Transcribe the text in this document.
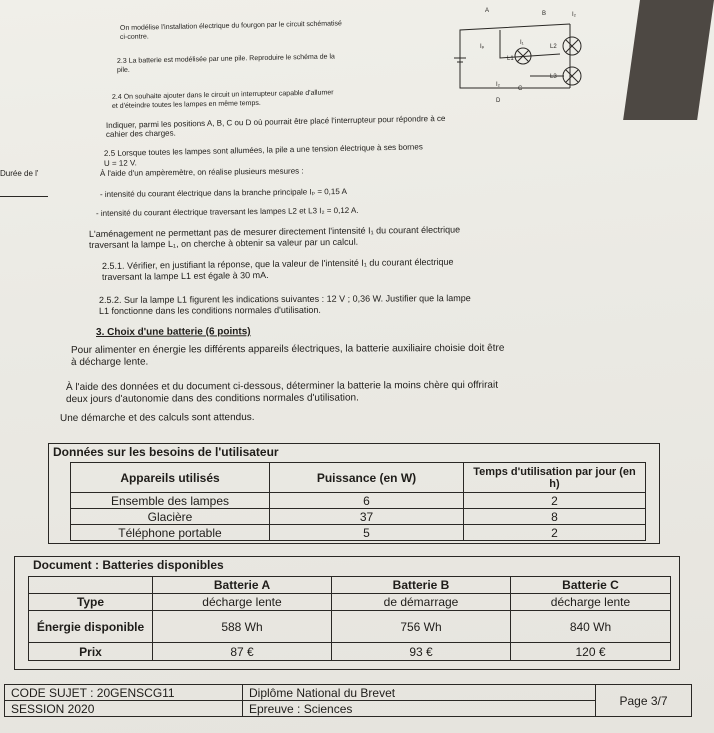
A	B	I₂
Iₚ
I₁
L1
L2
C
L3
D
I₂
On modélise l'installation électrique du fourgon par le circuit schématisé
ci-contre.
2.3 La batterie est modélisée par une pile. Reproduire le schéma de la
pile.
2.4 On souhaite ajouter dans le circuit un interrupteur capable d'allumer
et d'éteindre toutes les lampes en même temps.
Indiquer, parmi les positions A, B, C ou D où pourrait être placé l'interrupteur pour répondre à ce
cahier des charges.
2.5 Lorsque toutes les lampes sont allumées, la pile a une tension électrique à ses bornes
U = 12 V.
Durée de l'	À l'aide d'un ampèremètre, on réalise plusieurs mesures :
- intensité du courant électrique dans la branche principale Iₚ = 0,15 A
- intensité du courant électrique traversant les lampes L2 et L3 I₂ = 0,12 A.
L'aménagement ne permettant pas de mesurer directement l'intensité I₁ du courant électrique
traversant la lampe L₁, on cherche à obtenir sa valeur par un calcul.
2.5.1. Vérifier, en justifiant la réponse, que la valeur de l'intensité I₁ du courant électrique
traversant la lampe L1 est égale à 30 mA.
2.5.2. Sur la lampe L1 figurent les indications suivantes : 12 V ; 0,36 W. Justifier que la lampe
L1 fonctionne dans les conditions normales d'utilisation.
3. Choix d'une batterie (6 points)
Pour alimenter en énergie les différents appareils électriques, la batterie auxiliaire choisie doit être
à décharge lente.
À l'aide des données et du document ci-dessous, déterminer la batterie la moins chère qui offrirait
deux jours d'autonomie dans des conditions normales d'utilisation.
Une démarche et des calculs sont attendus.
Données sur les besoins de l'utilisateur
Appareils utilisés	Puissance (en W)	Temps d'utilisation par jour (en h)
Ensemble des lampes	6	2
Glacière	37	8
Téléphone portable	5	2
Document : Batteries disponibles
	Batterie A	Batterie B	Batterie C
Type	décharge lente	de démarrage	décharge lente
Énergie disponible	588 Wh	756 Wh	840 Wh
Prix	87 €	93 €	120 €
CODE SUJET : 20GENSCG11	Diplôme National du Brevet	Page 3/7
SESSION 2020	Epreuve : Sciences	
